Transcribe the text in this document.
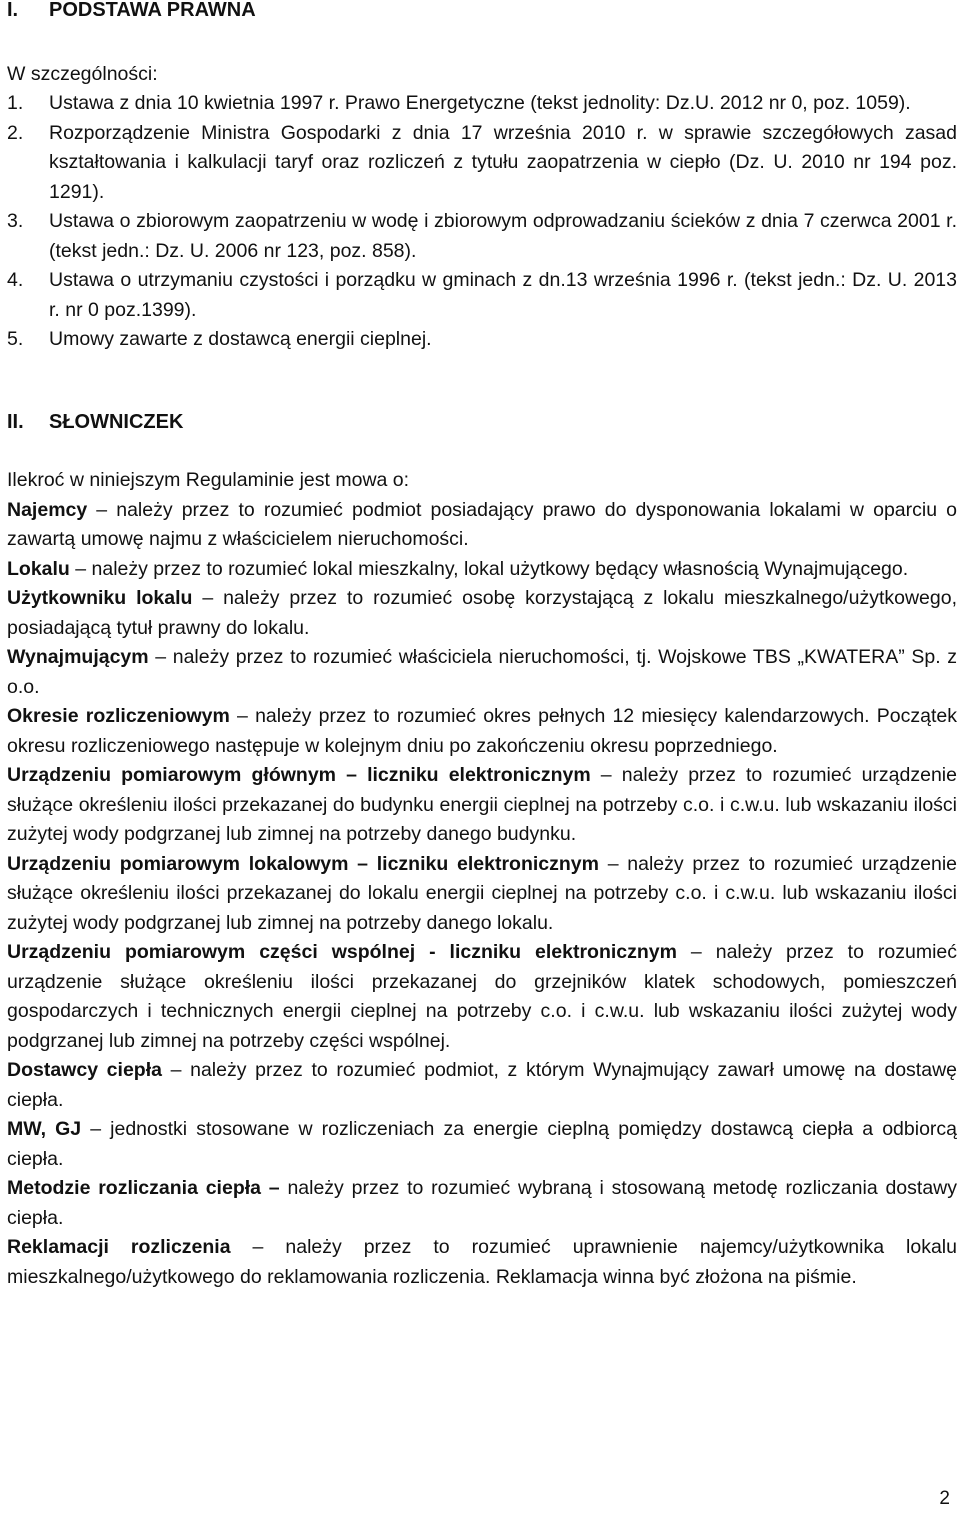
I. PODSTAWA PRAWNA
W szczególności:
1. Ustawa z dnia 10 kwietnia 1997 r. Prawo Energetyczne (tekst jednolity: Dz.U. 2012 nr 0, poz. 1059).
2. Rozporządzenie Ministra Gospodarki z dnia 17 września 2010 r. w sprawie szczegółowych zasad kształtowania i kalkulacji taryf oraz rozliczeń z tytułu zaopatrzenia w ciepło (Dz. U. 2010 nr 194 poz. 1291).
3. Ustawa o zbiorowym zaopatrzeniu w wodę i zbiorowym odprowadzaniu ścieków z dnia 7 czerwca 2001 r. (tekst jedn.: Dz. U. 2006 nr 123, poz. 858).
4. Ustawa o utrzymaniu czystości i porządku w gminach z dn.13 września 1996 r. (tekst jedn.: Dz. U. 2013 r. nr 0 poz.1399).
5. Umowy zawarte z dostawcą energii cieplnej.
II. SŁOWNICZEK

Ilekroć w niniejszym Regulaminie jest mowa o:

Najemcy – należy przez to rozumieć podmiot posiadający prawo do dysponowania lokalami w oparciu o zawartą umowę najmu z właścicielem nieruchomości.

Lokalu – należy przez to rozumieć lokal mieszkalny, lokal użytkowy będący własnością Wynajmującego.

Użytkowniku lokalu – należy przez to rozumieć osobę korzystającą z lokalu mieszkalnego/użytkowego, posiadającą tytuł prawny do lokalu.

Wynajmującym – należy przez to rozumieć właściciela nieruchomości, tj. Wojskowe TBS „KWATERA” Sp. z o.o.

Okresie rozliczeniowym – należy przez to rozumieć okres pełnych 12 miesięcy kalendarzowych. Początek okresu rozliczeniowego następuje w kolejnym dniu po zakończeniu okresu poprzedniego.

Urządzeniu pomiarowym głównym – liczniku elektronicznym – należy przez to rozumieć urządzenie służące określeniu ilości przekazanej do budynku energii cieplnej na potrzeby c.o. i c.w.u. lub wskazaniu ilości zużytej wody podgrzanej lub zimnej na potrzeby danego budynku.

Urządzeniu pomiarowym lokalowym – liczniku elektronicznym – należy przez to rozumieć urządzenie służące określeniu ilości przekazanej do lokalu energii cieplnej na potrzeby c.o. i c.w.u. lub wskazaniu ilości zużytej wody podgrzanej lub zimnej na potrzeby danego lokalu.

Urządzeniu pomiarowym części wspólnej - liczniku elektronicznym – należy przez to rozumieć urządzenie służące określeniu ilości przekazanej do grzejników klatek schodowych, pomieszczeń gospodarczych i technicznych energii cieplnej na potrzeby c.o. i c.w.u. lub wskazaniu ilości zużytej wody podgrzanej lub zimnej na potrzeby części wspólnej.

Dostawcy ciepła – należy przez to rozumieć podmiot, z którym Wynajmujący zawarł umowę na dostawę ciepła.

MW, GJ – jednostki stosowane w rozliczeniach za energie cieplną pomiędzy dostawcą ciepła a odbiorcą ciepła.

Metodzie rozliczania ciepła – należy przez to rozumieć wybraną i stosowaną metodę rozliczania dostawy ciepła.

Reklamacji rozliczenia – należy przez to rozumieć uprawnienie najemcy/użytkownika lokalu mieszkalnego/użytkowego do reklamowania rozliczenia. Reklamacja winna być złożona na piśmie.

2
